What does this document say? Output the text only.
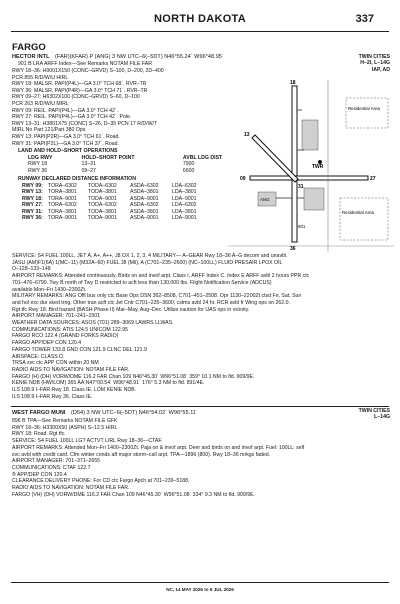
NORTH DAKOTA	337
FARGO
HECTOR INTL (FAR)(KFAR) P (ANG) 3 NW UTC–6(–5DT) N46°55.24´ W96°48.95´	TWIN CITIES
H–2I, L–14G
IAP, AD
901 B LRA ARFF Index—See Remarks NOTAM FILE FAR
RWY 18–36: H9001X150 (CONC–GRVD) S–100, D–200, 2D–400
PCR 855 R/D/W/U HIRL
RWY 18: MALSR. PAPI(P4L)—GA 3.0° TCH 68´. RVR–TR
RWY 36: MALSR. PAPI(P4R)—GA 3.0° TCH 71´. RVR–TR
RWY 09–27: H6302X100 (CONC–GRVD) S–60, D–100
PCR 263 R/D/W/U MIRL
RWY 09: REIL. PAPI(P4L)—GA 3.0° TCH 42´.
RWY 27: REIL. PAPI(P4L)—GA 3.0° TCH 42´. Pole.
RWY 13–31: H3801X75 (CONC) S–26, D–35 PCN 17 R/D/W/T
MIRL No Part 121/Part 380 Ops
RWY 13: PAPI(P2R)—GA 3.0° TCH 61´. Road.
RWY 31: PAPI(P2L)—GA 3.0° TCH 37´. Road.
LAND AND HOLD–SHORT OPERATIONS
LDG RWY	HOLD–SHORT POINT	AVBL LDG DIST
RWY 18	13–31	7900
RWY 36	09–27	6600
RUNWAY DECLARED DISTANCE INFORMATION
RWY 09: TORA–6302 TODA–6302	ASDA–6302	LDA–6302
RWY 13: TORA–3801 TODA–3801	ASDA–3801	LDA–3801
RWY 18: TORA–9001 TODA–9001	ASDA–9001	LDA–9001
RWY 27: TORA–6302 TODA–6302	ASDA–6302	LDA–6302
RWY 31: TORA–3801 TODA–3801	ASDA–3801	LDA–3801
RWY 36: TORA–9001 TODA–9001	ASDA–9001	LDA–9001
Residential Area
Residential Area
TWR
18
36
09	27
13
31
ANG
901

SERVICE: S4 FUEL 100LL, JET A, A+, A++, J8 OX 1, 2, 3, 4 MILITARY— A–GEAR Rwy 18–36 A–G decom and unavbl.

JASU (AM)F1(6A) 1(MC–11) (M32A–60) FUEL J8 (Mil), A (C701–235–2600) (NC–100LL) FLUID PRESAIR LPOX OIL

O–128–133–148

AIRPORT REMARKS: Attended continuously. Birds on and invof arpt. Class I, ARFF Index C. Index E ARFF avbl 2 hours PPR ctc

701–476–6790. Twy B north of Twy D restricted to acft less than 130,000 lbs. Flight Notification Service (ADCUS)

available Mon–Fri 1430–2300Zt.

MILITARY REMARKS: ANG Offl bus only ctc Base Ops DSN 362–8508, C701–451–2508. Opr 1130–2200Zt ctsd Fri, Sat, Sun

and hol exc dur sked trng. Other tran acft ctc Jet Cntr C701–235–3600; cstms avbl 24 hr. RCR avbl fr Wing ops on 262.0.

Rgt tfc Rwy 18. Bird hazard (BASH Phase II) Mar–May, Aug–Dec. Utilize caution for UAS ops in vicinity.

AIRPORT MANAGER: 701–241–1501

WEATHER DATA SOURCES: ASOS (701) 289–3069 LAWRS LLWAS.

COMMUNICATIONS: ATIS 124.5 UNICOM 122.95

FARGO RCO 122.4 (GRAND FORKS RADIO)

FARGO APP/DEP CON 120.4

FARGO TOWER 133.8 GND CON 121.9 CLNC DEL 121.9

AIRSPACE: CLASS D.

TRSA svc ctc APP CON within 20 NM

RADIO AIDS TO NAVIGATION: NOTAM FILE FAR.

FARGO (H) (DH) VORW/DME 116.2 FAR Chan 109 N46°45.30´ W96°51.08´ 359° 10.1 NM to fld. 909/9E.

KENIE NDB (HW/LOM) 365 AA N47°00.54´ W96°48.91´ 176° 5.3 NM to fld. 891/4E.

ILS 108.9 I–FAR Rwy 18. Class IE. LOM KENIE NDB.

ILS 108.9 I–FAR Rwy 36. Class IE.

WEST FARGO MUNI (D54) 3 NW UTC–6(–5DT) N46°54.02´ W96°55.11´	TWIN CITIES
L–14G

896 B TPA—See Remarks NOTAM FILE GFK

RWY 18–36: H3300X50 (ASPH) S–12.5 HIRL

RWY 18: Road. Rgt tfc.

SERVICE: S4 FUEL 100LL LGT ACTVT LIRL Rwy 18–36—CTAF.

AIRPORT REMARKS: Attended Mon–Fri 1400–2300Zt. Paja on & invof arpt. Deer and birds on and invof arpt. Fuel: 100LL: self

svc avbl with credit card. Cfm winter conds aft major storm–call arpt. TPA—1896 (800). Rwy 18–36 mrkgs faded.

AIRPORT MANAGER: 701–371–2655

COMMUNICATIONS: CTAF 122.7

® APP/DEP CON 120.4

CLEARANCE DELIVERY PHONE: For CD ctc Fargo Apch at 701–239–5188.

RADIO AIDS TO NAVIGATION: NOTAM FILE FAR.

FARGO (VH) (DH) VORW/DME 116.2 FAR Chan 109 N46°45.30´ W96°51.08´ 334° 9.3 NM to fld. 909/9E.

NC, 14 MAY 2026 to 9 JUL 2026
